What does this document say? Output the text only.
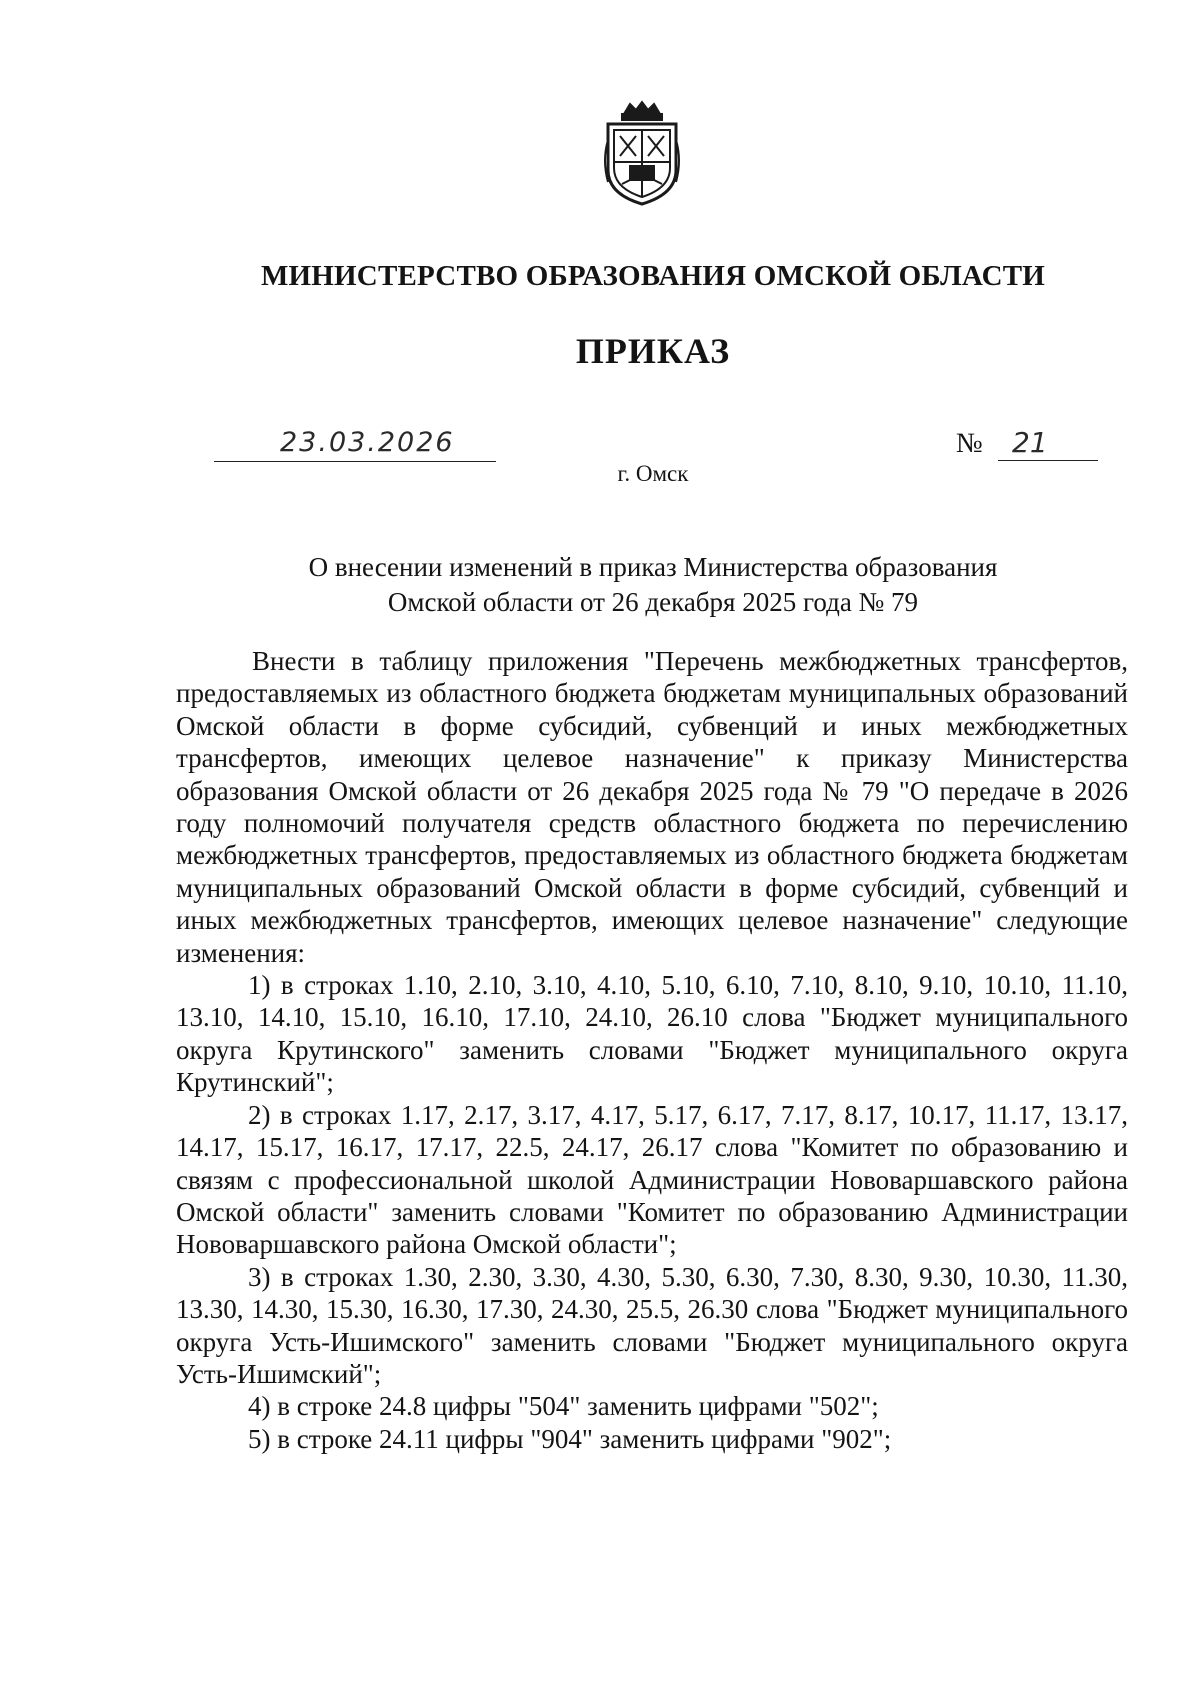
МИНИСТЕРСТВО ОБРАЗОВАНИЯ ОМСКОЙ ОБЛАСТИ
ПРИКАЗ
23.03.2026	№ 21
г. Омск
О внесении изменений в приказ Министерства образования
Омской области от 26 декабря 2025 года № 79

Внести в таблицу приложения "Перечень межбюджетных трансфертов, предоставляемых из областного бюджета бюджетам муниципальных образований Омской области в форме субсидий, субвенций и иных межбюджетных трансфертов, имеющих целевое назначение" к приказу Министерства образования Омской области от 26 декабря 2025 года № 79 "О передаче в 2026 году полномочий получателя средств областного бюджета по перечислению межбюджетных трансфертов, предоставляемых из областного бюджета бюджетам муниципальных образований Омской области в форме субсидий, субвенций и иных межбюджетных трансфертов, имеющих целевое назначение" следующие изменения:

1) в строках 1.10, 2.10, 3.10, 4.10, 5.10, 6.10, 7.10, 8.10, 9.10, 10.10, 11.10, 13.10, 14.10, 15.10, 16.10, 17.10, 24.10, 26.10 слова "Бюджет муниципального округа Крутинского" заменить словами "Бюджет муниципального округа Крутинский";

2) в строках 1.17, 2.17, 3.17, 4.17, 5.17, 6.17, 7.17, 8.17, 10.17, 11.17, 13.17, 14.17, 15.17, 16.17, 17.17, 22.5, 24.17, 26.17 слова "Комитет по образованию и связям с профессиональной школой Администрации Нововаршавского района Омской области" заменить словами "Комитет по образованию Администрации Нововаршавского района Омской области";

3) в строках 1.30, 2.30, 3.30, 4.30, 5.30, 6.30, 7.30, 8.30, 9.30, 10.30, 11.30, 13.30, 14.30, 15.30, 16.30, 17.30, 24.30, 25.5, 26.30 слова "Бюджет муниципального округа Усть-Ишимского" заменить словами "Бюджет муниципального округа Усть-Ишимский";

4) в строке 24.8 цифры "504" заменить цифрами "502";

5) в строке 24.11 цифры "904" заменить цифрами "902";
